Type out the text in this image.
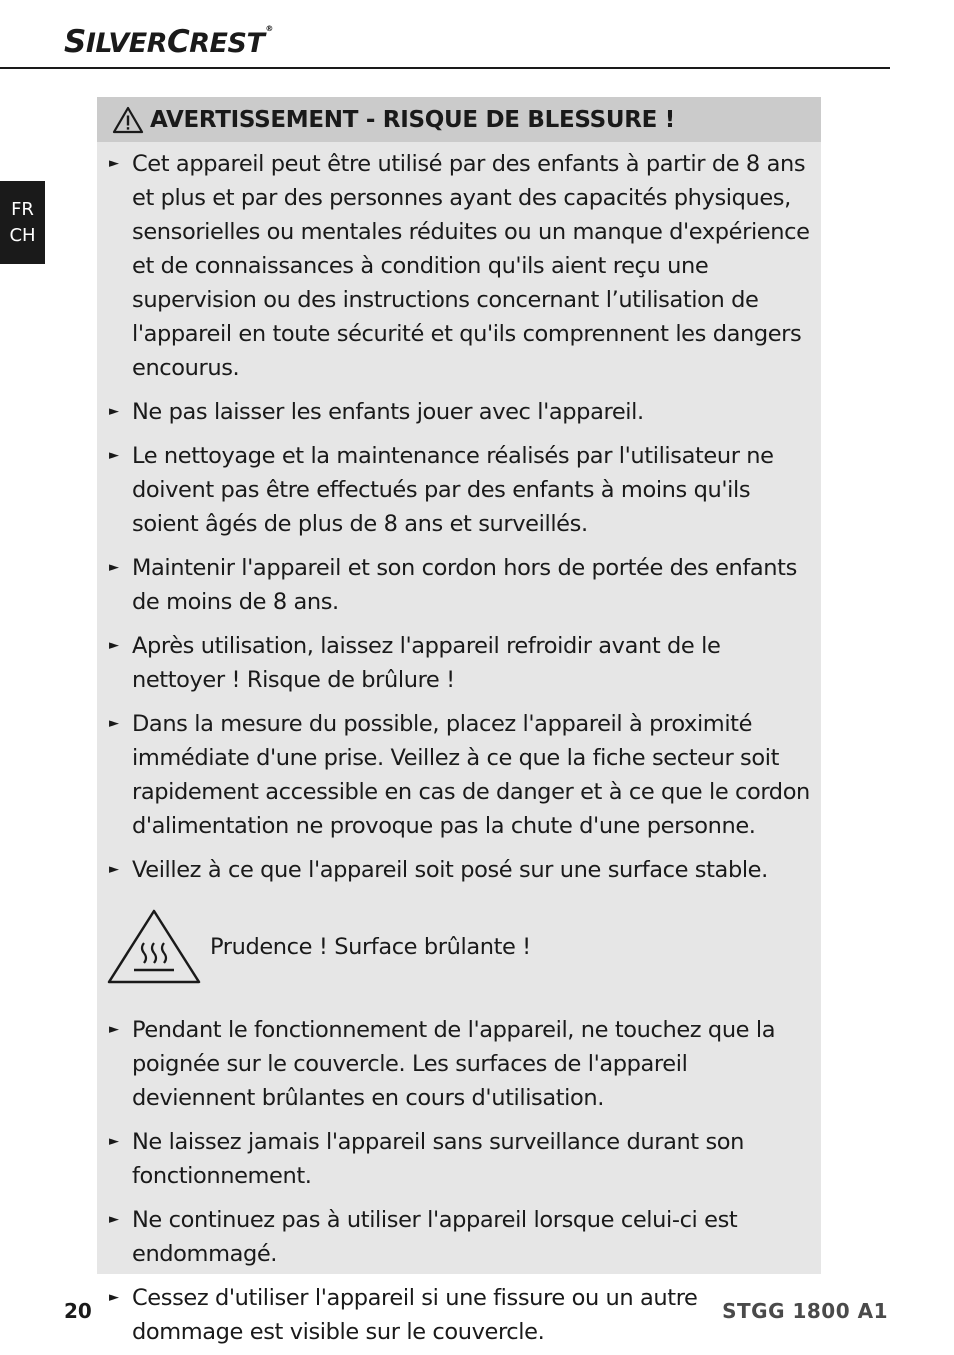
SILVERCREST®
FR
CH
AVERTISSEMENT - RISQUE DE BLESSURE !
► Cet appareil peut être utilisé par des enfants à partir de 8 ans et plus et par des personnes ayant des capacités physiques, sensorielles ou mentales réduites ou un manque d'expérience et de connaissances à condition qu'ils aient reçu une supervision ou des instructions concernant l’utilisation de l'appareil en toute sécurité et qu'ils comprennent les dangers encourus.
► Ne pas laisser les enfants jouer avec l'appareil.
► Le nettoyage et la maintenance réalisés par l'utilisateur ne doivent pas être effectués par des enfants à moins qu'ils soient âgés de plus de 8 ans et surveillés.
► Maintenir l'appareil et son cordon hors de portée des enfants de moins de 8 ans.
► Après utilisation, laissez l'appareil refroidir avant de le nettoyer ! Risque de brûlure !
► Dans la mesure du possible, placez l'appareil à proximité immédiate d'une prise. Veillez à ce que la fiche secteur soit rapidement accessible en cas de danger et à ce que le cordon d'alimentation ne provoque pas la chute d'une personne.
► Veillez à ce que l'appareil soit posé sur une surface stable.
Prudence ! Surface brûlante !
► Pendant le fonctionnement de l'appareil, ne touchez que la poignée sur le couvercle. Les surfaces de l'appareil deviennent brûlantes en cours d'utilisation.
► Ne laissez jamais l'appareil sans surveillance durant son fonctionnement.
► Ne continuez pas à utiliser l'appareil lorsque celui-ci est endommagé.
► Cessez d'utiliser l'appareil si une fissure ou un autre dommage est visible sur le couvercle.
20	STGG 1800 A1
